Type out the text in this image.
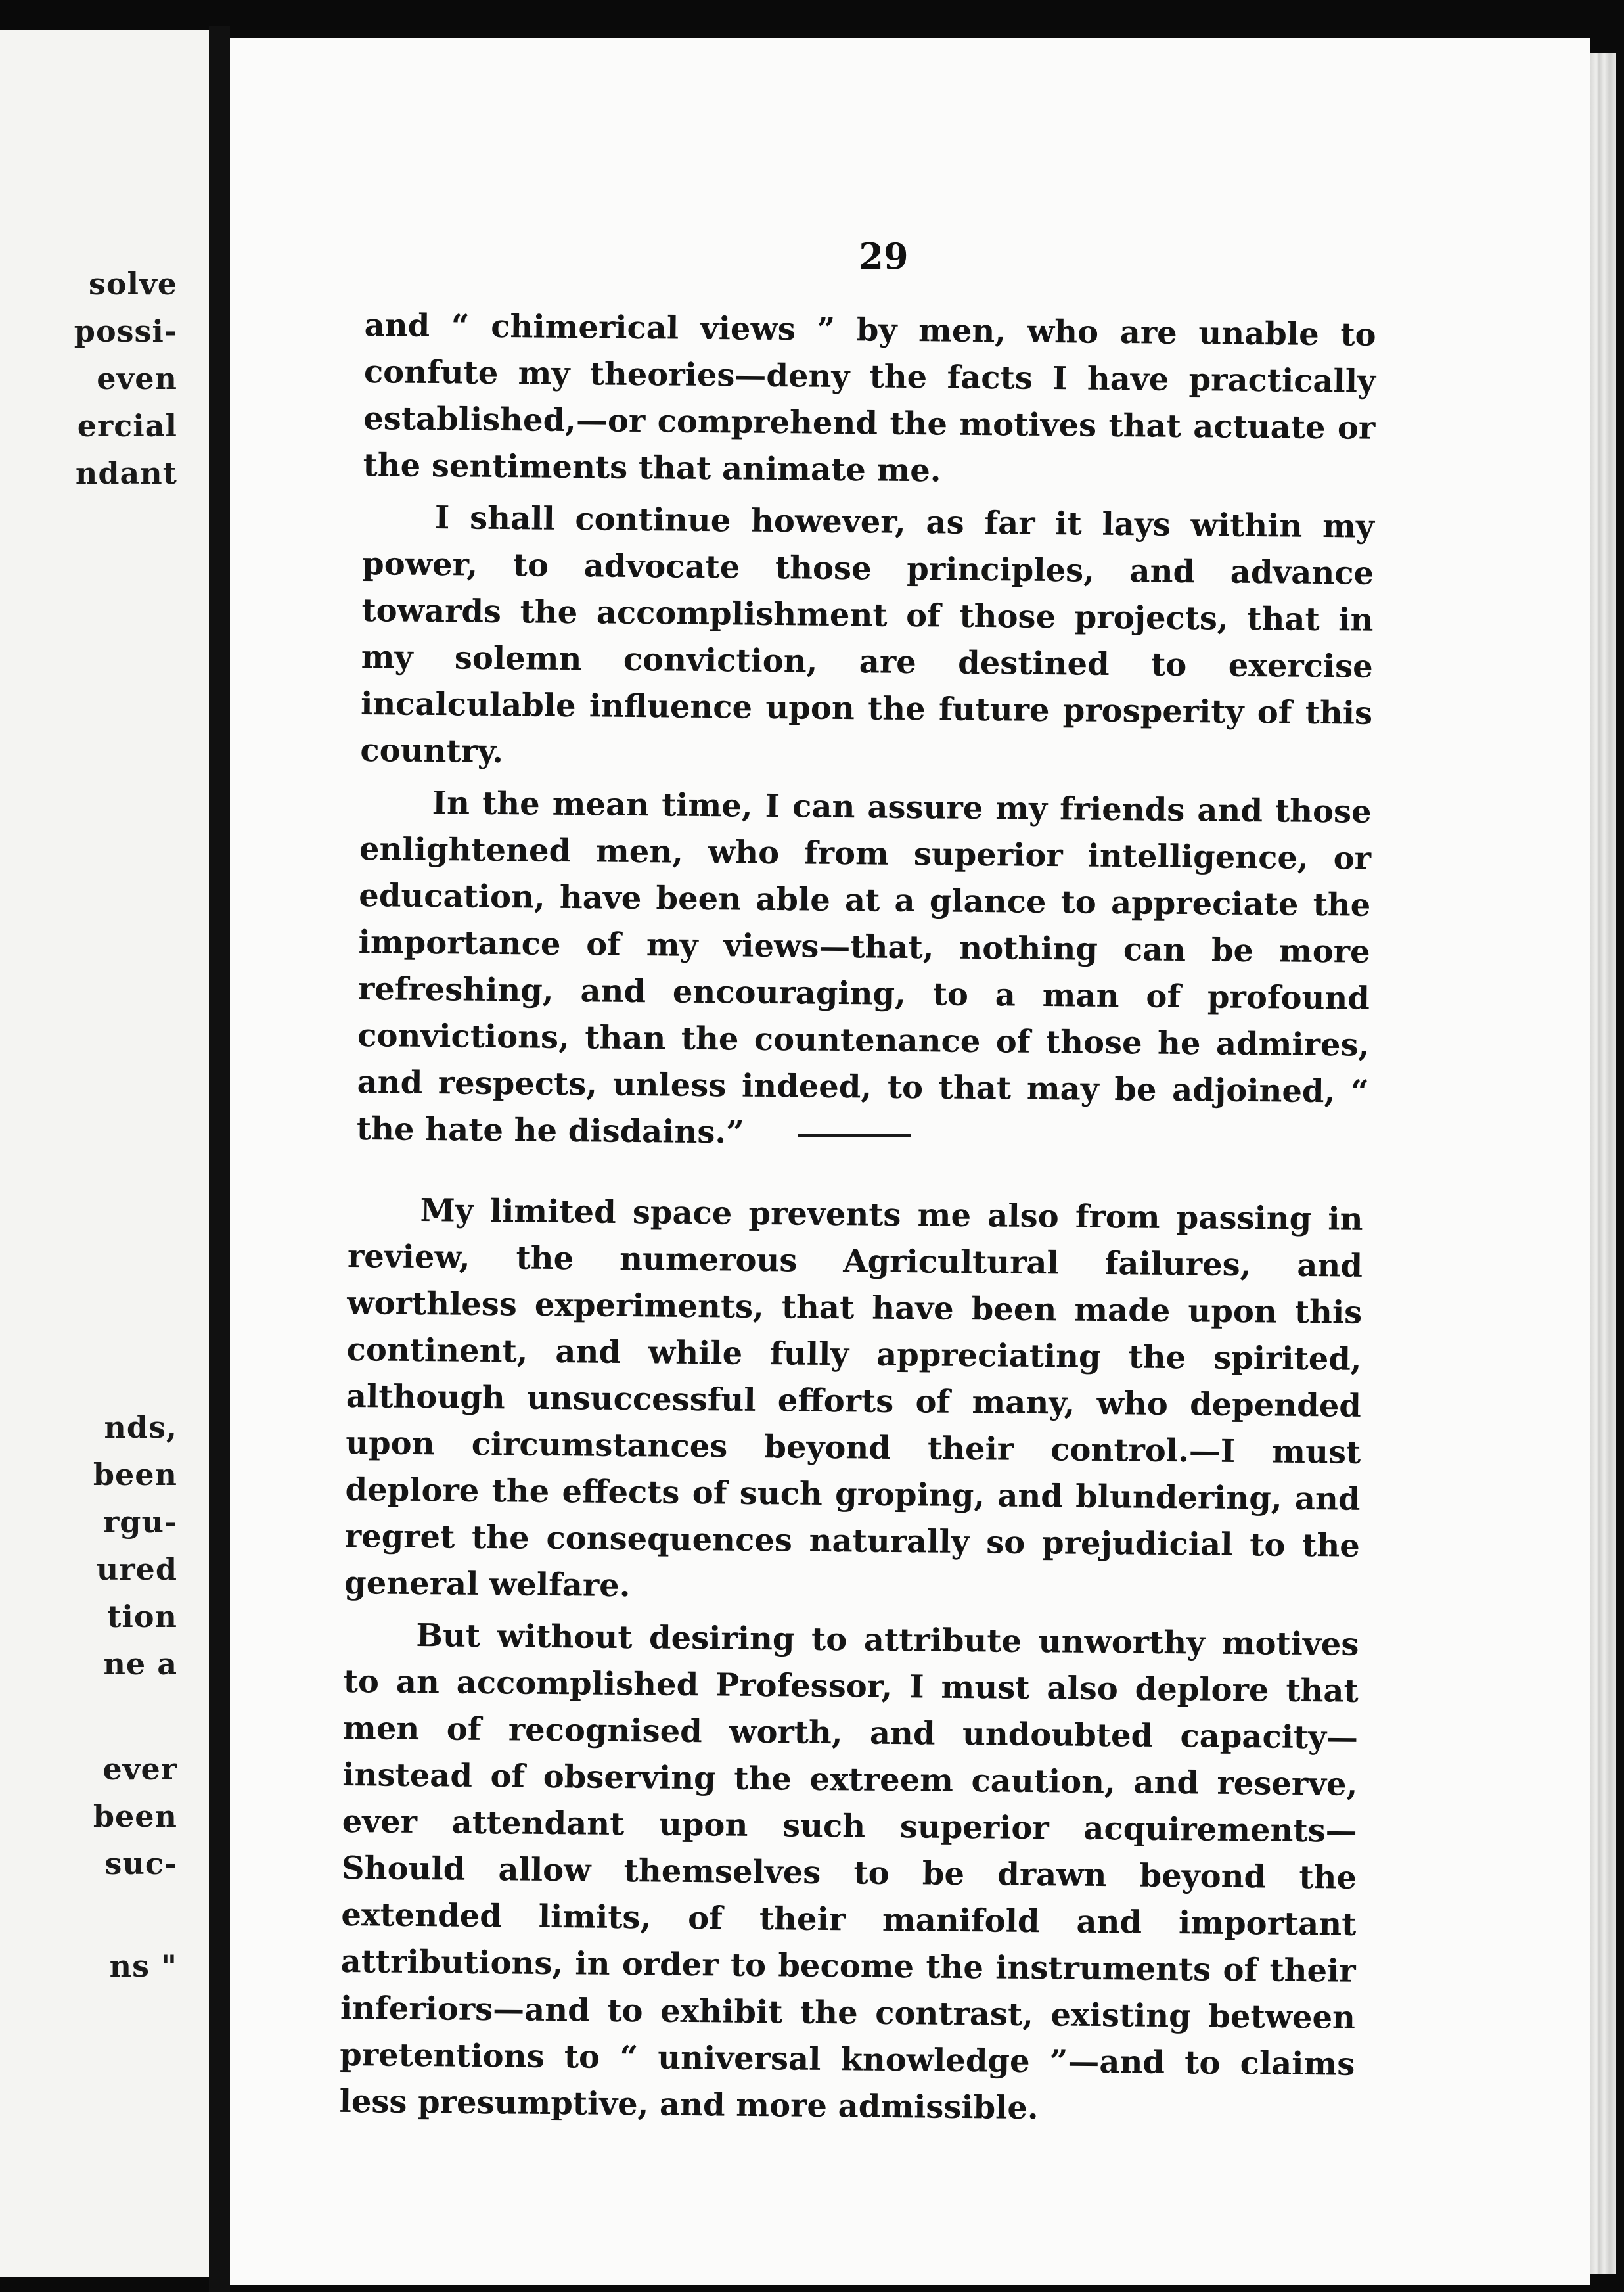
solve
possi-
even
ercial
ndant
nds,
been
rgu-
ured
tion
ne a
ever
been
suc-
ns "
29

and “ chimerical views ” by men, who are unable to confute my theories—deny the facts I have practically established,—or comprehend the motives that actuate or the sentiments that animate me.

I shall continue however, as far it lays within my power, to advocate those principles, and advance towards the accomplishment of those projects, that in my solemn conviction, are destined to exercise incalculable influence upon the future prosperity of this country.

In the mean time, I can assure my friends and those enlightened men, who from superior intelligence, or education, have been able at a glance to appreciate the importance of my views—that, nothing can be more refreshing, and encouraging, to a man of profound convictions, than the countenance of those he admires, and respects, unless indeed, to that may be adjoined, “ the hate he disdains.”

My limited space prevents me also from passing in review, the numerous Agricultural failures, and worthless experiments, that have been made upon this continent, and while fully appreciating the spirited, although unsuccessful efforts of many, who depended upon circumstances beyond their control.—I must deplore the effects of such groping, and blundering, and regret the consequences naturally so prejudicial to the general welfare.

But without desiring to attribute unworthy motives to an accomplished Professor, I must also deplore that men of recognised worth, and undoubted capacity—instead of observing the extreem caution, and reserve, ever attendant upon such superior acquirements—Should allow themselves to be drawn beyond the extended limits, of their manifold and important attributions, in order to become the instruments of their inferiors—and to exhibit the contrast, existing between pretentions to “ universal knowledge ”—and to claims less presumptive, and more admissible.
